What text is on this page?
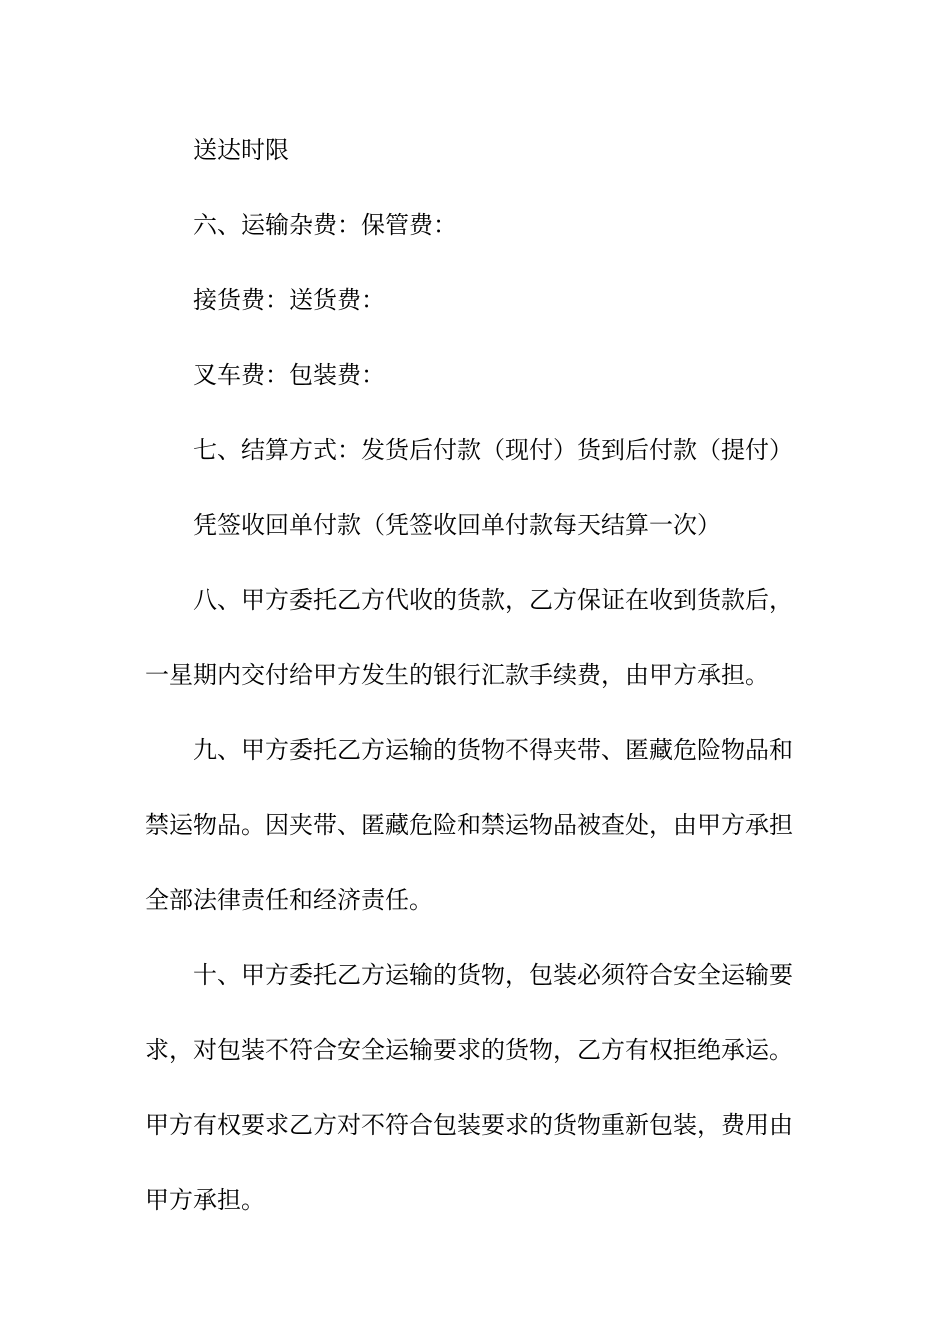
送达时限
六、运输杂费：保管费：
接货费：送货费：
叉车费：包装费：
七、结算方式：发货后付款（现付）货到后付款（提付）
凭签收回单付款（凭签收回单付款每天结算一次）
八、甲方委托乙方代收的货款，乙方保证在收到货款后，
一星期内交付给甲方发生的银行汇款手续费，由甲方承担。
九、甲方委托乙方运输的货物不得夹带、匿藏危险物品和
禁运物品。因夹带、匿藏危险和禁运物品被查处，由甲方承担
全部法律责任和经济责任。
十、甲方委托乙方运输的货物，包装必须符合安全运输要
求，对包装不符合安全运输要求的货物，乙方有权拒绝承运。
甲方有权要求乙方对不符合包装要求的货物重新包装，费用由
甲方承担。
